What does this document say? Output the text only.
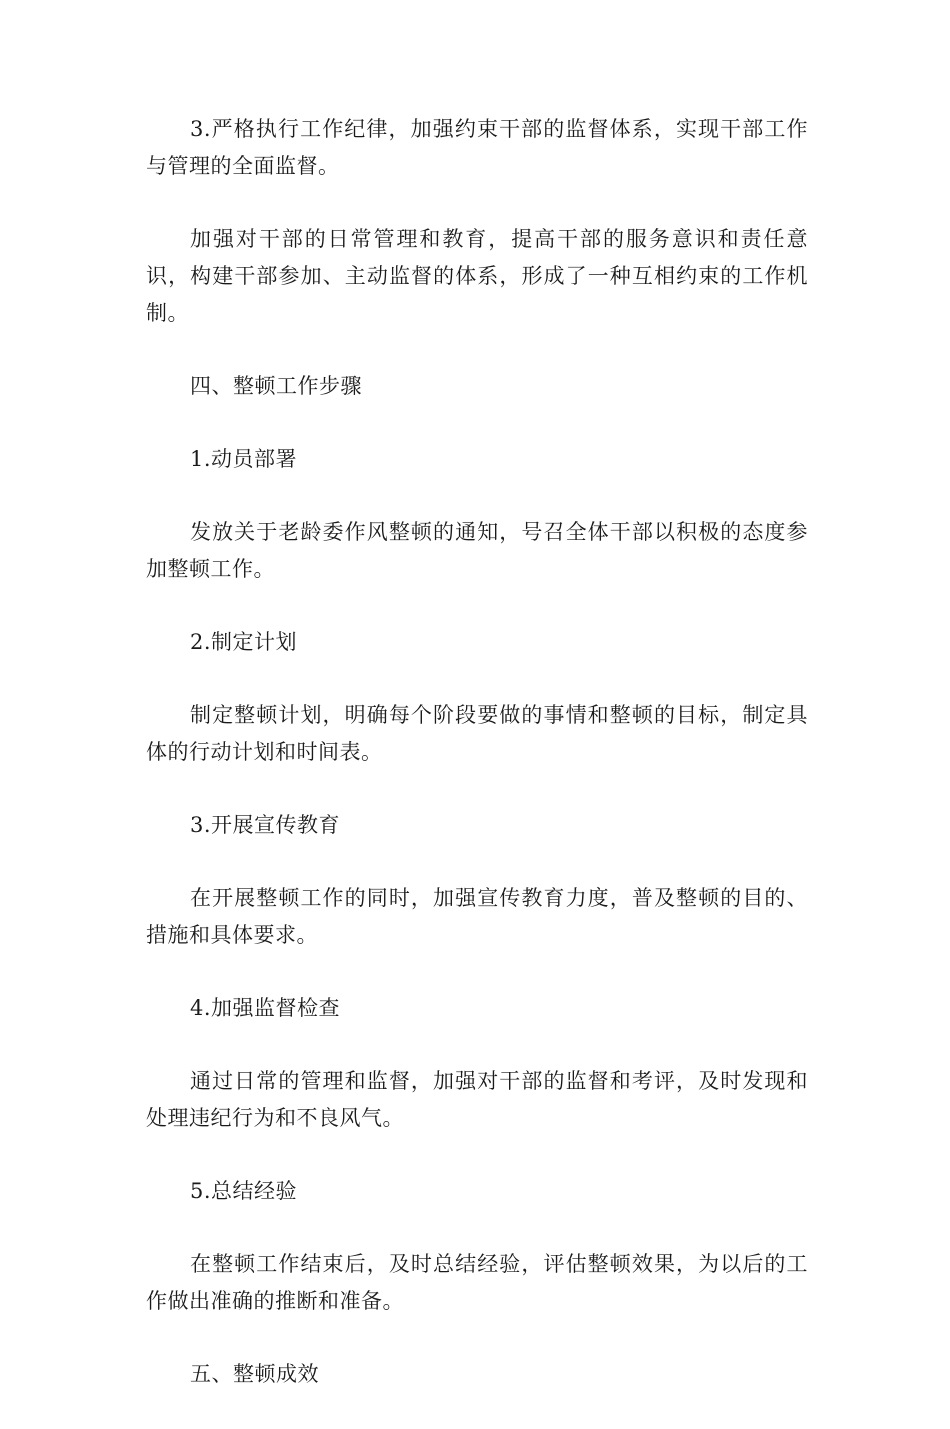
3.严格执行工作纪律，加强约束干部的监督体系，实现干部工作与管理的全面监督。

加强对干部的日常管理和教育，提高干部的服务意识和责任意识，构建干部参加、主动监督的体系，形成了一种互相约束的工作机制。

四、整顿工作步骤

1.动员部署

发放关于老龄委作风整顿的通知，号召全体干部以积极的态度参加整顿工作。

2.制定计划

制定整顿计划，明确每个阶段要做的事情和整顿的目标，制定具体的行动计划和时间表。

3.开展宣传教育

在开展整顿工作的同时，加强宣传教育力度，普及整顿的目的、措施和具体要求。

4.加强监督检查

通过日常的管理和监督，加强对干部的监督和考评，及时发现和处理违纪行为和不良风气。

5.总结经验

在整顿工作结束后，及时总结经验，评估整顿效果，为以后的工作做出准确的推断和准备。

五、整顿成效
